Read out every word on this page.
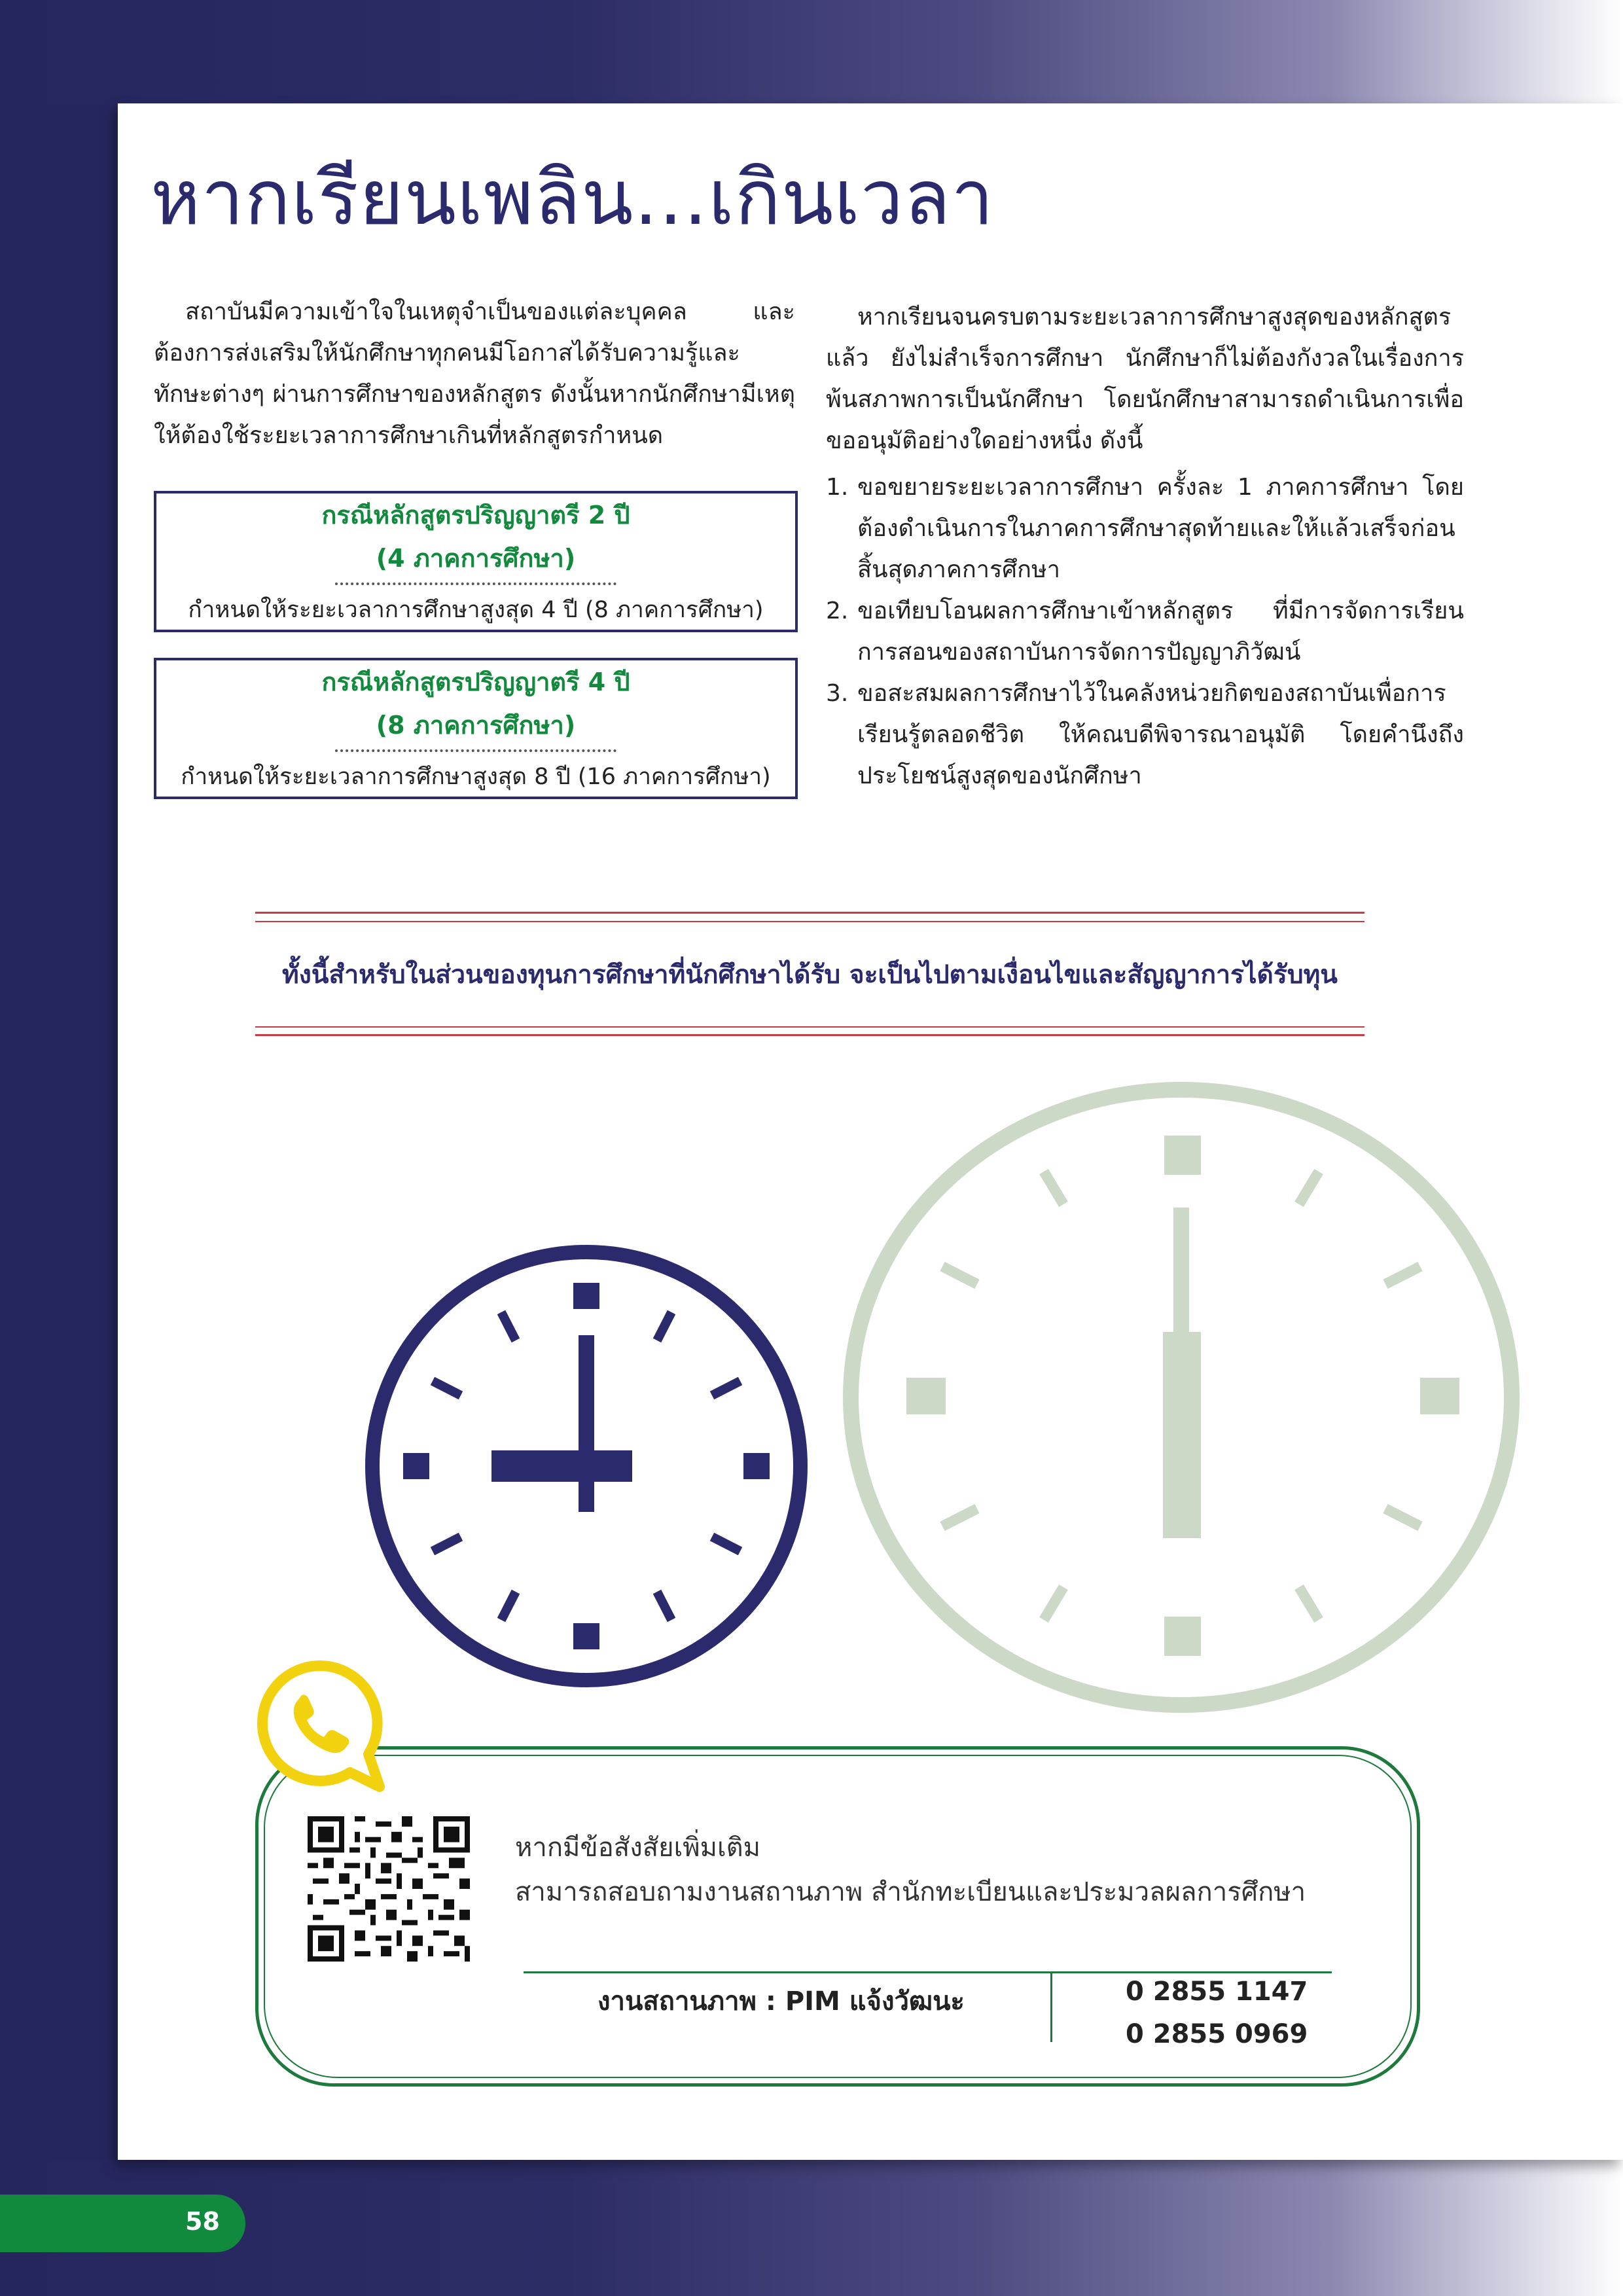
หากเรียนเพลิน...เกินเวลา

สถาบันมีความเข้าใจในเหตุจำเป็นของแต่ละบุคคล และต้องการส่งเสริมให้นักศึกษาทุกคนมีโอกาสได้รับความรู้และทักษะต่างๆ ผ่านการศึกษาของหลักสูตร ดังนั้นหากนักศึกษามีเหตุให้ต้องใช้ระยะเวลาการศึกษาเกินที่หลักสูตรกำหนด

กรณีหลักสูตรปริญญาตรี 2 ปี
(4 ภาคการศึกษา)
กำหนดให้ระยะเวลาการศึกษาสูงสุด 4 ปี (8 ภาคการศึกษา)
กรณีหลักสูตรปริญญาตรี 4 ปี
(8 ภาคการศึกษา)
กำหนดให้ระยะเวลาการศึกษาสูงสุด 8 ปี (16 ภาคการศึกษา)

หากเรียนจนครบตามระยะเวลาการศึกษาสูงสุดของหลักสูตรแล้ว ยังไม่สำเร็จการศึกษา นักศึกษาก็ไม่ต้องกังวลในเรื่องการพ้นสภาพการเป็นนักศึกษา โดยนักศึกษาสามารถดำเนินการเพื่อขออนุมัติอย่างใดอย่างหนึ่ง ดังนี้

1. ขอขยายระยะเวลาการศึกษา ครั้งละ 1 ภาคการศึกษา โดยต้องดำเนินการในภาคการศึกษาสุดท้ายและให้แล้วเสร็จก่อนสิ้นสุดภาคการศึกษา
2. ขอเทียบโอนผลการศึกษาเข้าหลักสูตร ที่มีการจัดการเรียนการสอนของสถาบันการจัดการปัญญาภิวัฒน์
3. ขอสะสมผลการศึกษาไว้ในคลังหน่วยกิตของสถาบันเพื่อการเรียนรู้ตลอดชีวิต ให้คณบดีพิจารณาอนุมัติ โดยคำนึงถึงประโยชน์สูงสุดของนักศึกษา
ทั้งนี้สำหรับในส่วนของทุนการศึกษาที่นักศึกษาได้รับ จะเป็นไปตามเงื่อนไขและสัญญาการได้รับทุน
หากมีข้อสังสัยเพิ่มเติม
สามารถสอบถามงานสถานภาพ สำนักทะเบียนและประมวลผลการศึกษา
งานสถานภาพ : PIM แจ้งวัฒนะ	0 2855 1147
0 2855 0969
58
